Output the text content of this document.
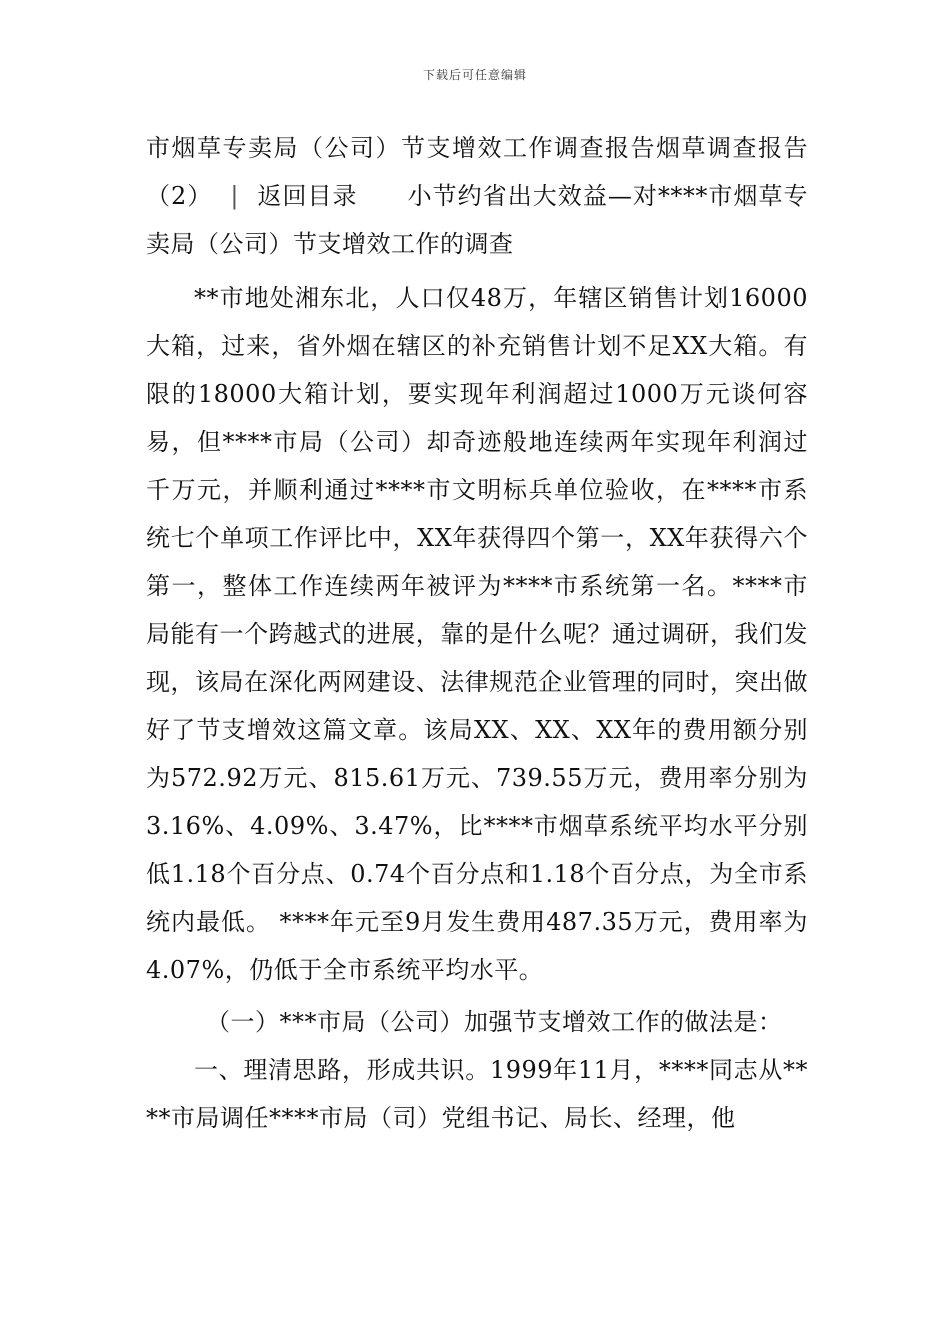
下载后可任意编辑
市烟草专卖局（公司）节支增效工作调查报告烟草调查报告（2） | 返回目录　　小节约省出大效益—对****市烟草专卖局（公司）节支增效工作的调查

**市地处湘东北，人口仅48万，年辖区销售计划16000大箱，过来，省外烟在辖区的补充销售计划不足XX大箱。有限的18000大箱计划，要实现年利润超过1000万元谈何容易，但****市局（公司）却奇迹般地连续两年实现年利润过千万元，并顺利通过****市文明标兵单位验收，在****市系统七个单项工作评比中，XX年获得四个第一，XX年获得六个第一，整体工作连续两年被评为****市系统第一名。****市局能有一个跨越式的进展，靠的是什么呢？通过调研，我们发现，该局在深化两网建设、法律规范企业管理的同时，突出做好了节支增效这篇文章。该局XX、XX、XX年的费用额分别为572.92万元、815.61万元、739.55万元，费用率分别为3.16%、4.09%、3.47%，比****市烟草系统平均水平分别低1.18个百分点、0.74个百分点和1.18个百分点，为全市系统内最低。 ****年元至9月发生费用487.35万元，费用率为4.07%，仍低于全市系统平均水平。

（一）***市局（公司）加强节支增效工作的做法是：

一、理清思路，形成共识。1999年11月，****同志从****市局调任****市局（司）党组书记、局长、经理，他
